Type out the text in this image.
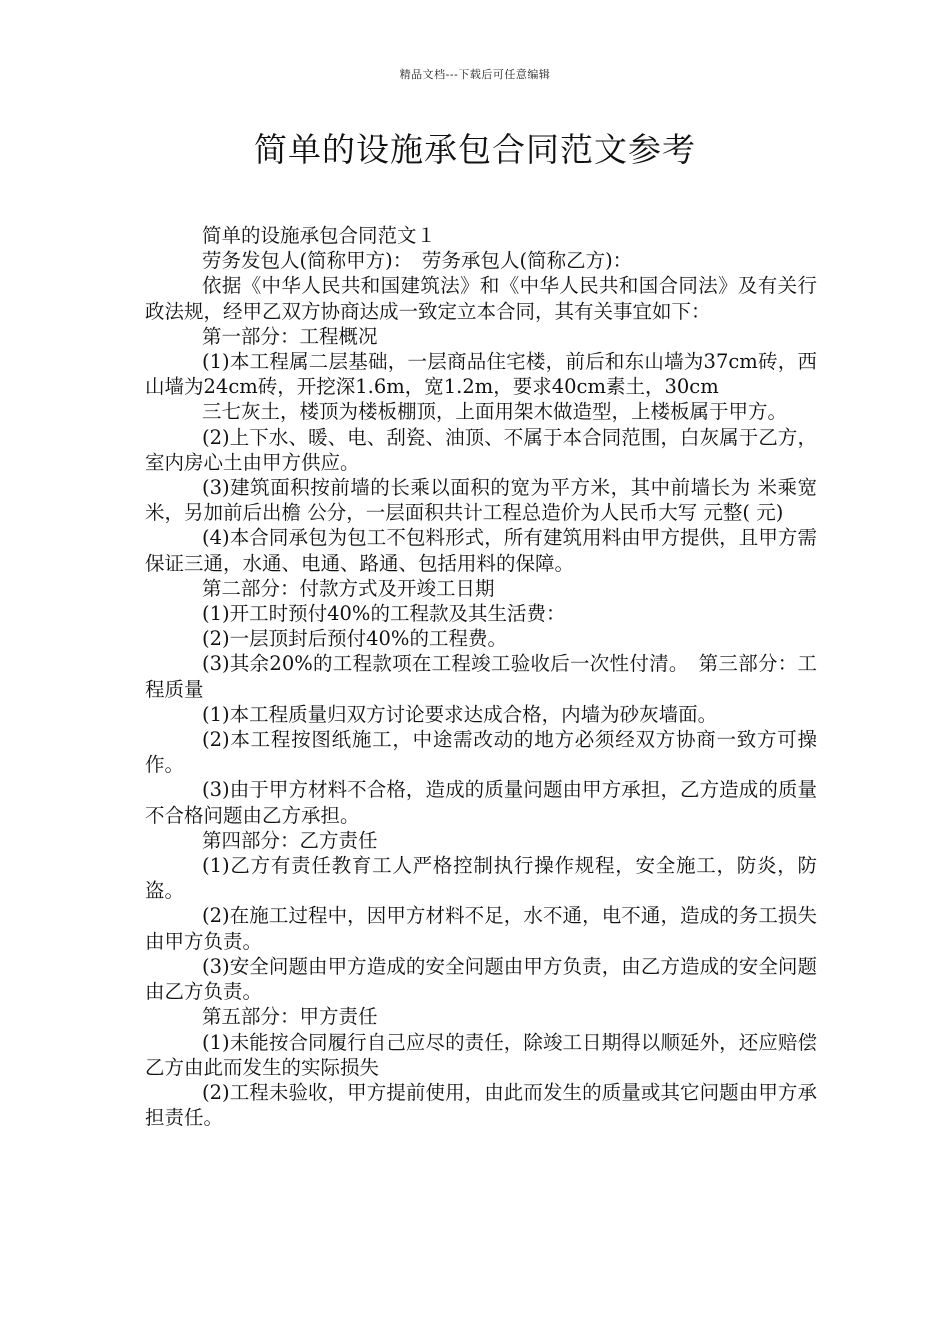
精品文档---下载后可任意编辑
简单的设施承包合同范文参考

简单的设施承包合同范文１

劳务发包人(简称甲方)：　劳务承包人(简称乙方)：

依据《中华人民共和国建筑法》和《中华人民共和国合同法》及有关行政法规，经甲乙双方协商达成一致定立本合同，其有关事宜如下：

第一部分：工程概况

(1)本工程属二层基础，一层商品住宅楼，前后和东山墙为37cm砖，西山墙为24cm砖，开挖深1.6m，宽1.2m，要求40cm素土，30cm

三七灰土，楼顶为楼板棚顶，上面用架木做造型，上楼板属于甲方。

(2)上下水、暖、电、刮瓷、油顶、不属于本合同范围，白灰属于乙方，室内房心土由甲方供应。

(3)建筑面积按前墙的长乘以面积的宽为平方米，其中前墙长为 米乘宽 米，另加前后出檐 公分，一层面积共计工程总造价为人民币大写 元整( 元)

(4)本合同承包为包工不包料形式，所有建筑用料由甲方提供，且甲方需保证三通，水通、电通、路通、包括用料的保障。

第二部分：付款方式及开竣工日期

(1)开工时预付40%的工程款及其生活费：

(2)一层顶封后预付40%的工程费。

(3)其余20%的工程款项在工程竣工验收后一次性付清。　第三部分：工程质量

(1)本工程质量归双方讨论要求达成合格，内墙为砂灰墙面。

(2)本工程按图纸施工，中途需改动的地方必须经双方协商一致方可操作。

(3)由于甲方材料不合格，造成的质量问题由甲方承担，乙方造成的质量不合格问题由乙方承担。

第四部分：乙方责任

(1)乙方有责任教育工人严格控制执行操作规程，安全施工，防炎，防盗。

(2)在施工过程中，因甲方材料不足，水不通，电不通，造成的务工损失由甲方负责。

(3)安全问题由甲方造成的安全问题由甲方负责，由乙方造成的安全问题由乙方负责。

第五部分：甲方责任

(1)未能按合同履行自己应尽的责任，除竣工日期得以顺延外，还应赔偿乙方由此而发生的实际损失

(2)工程未验收，甲方提前使用，由此而发生的质量或其它问题由甲方承担责任。
